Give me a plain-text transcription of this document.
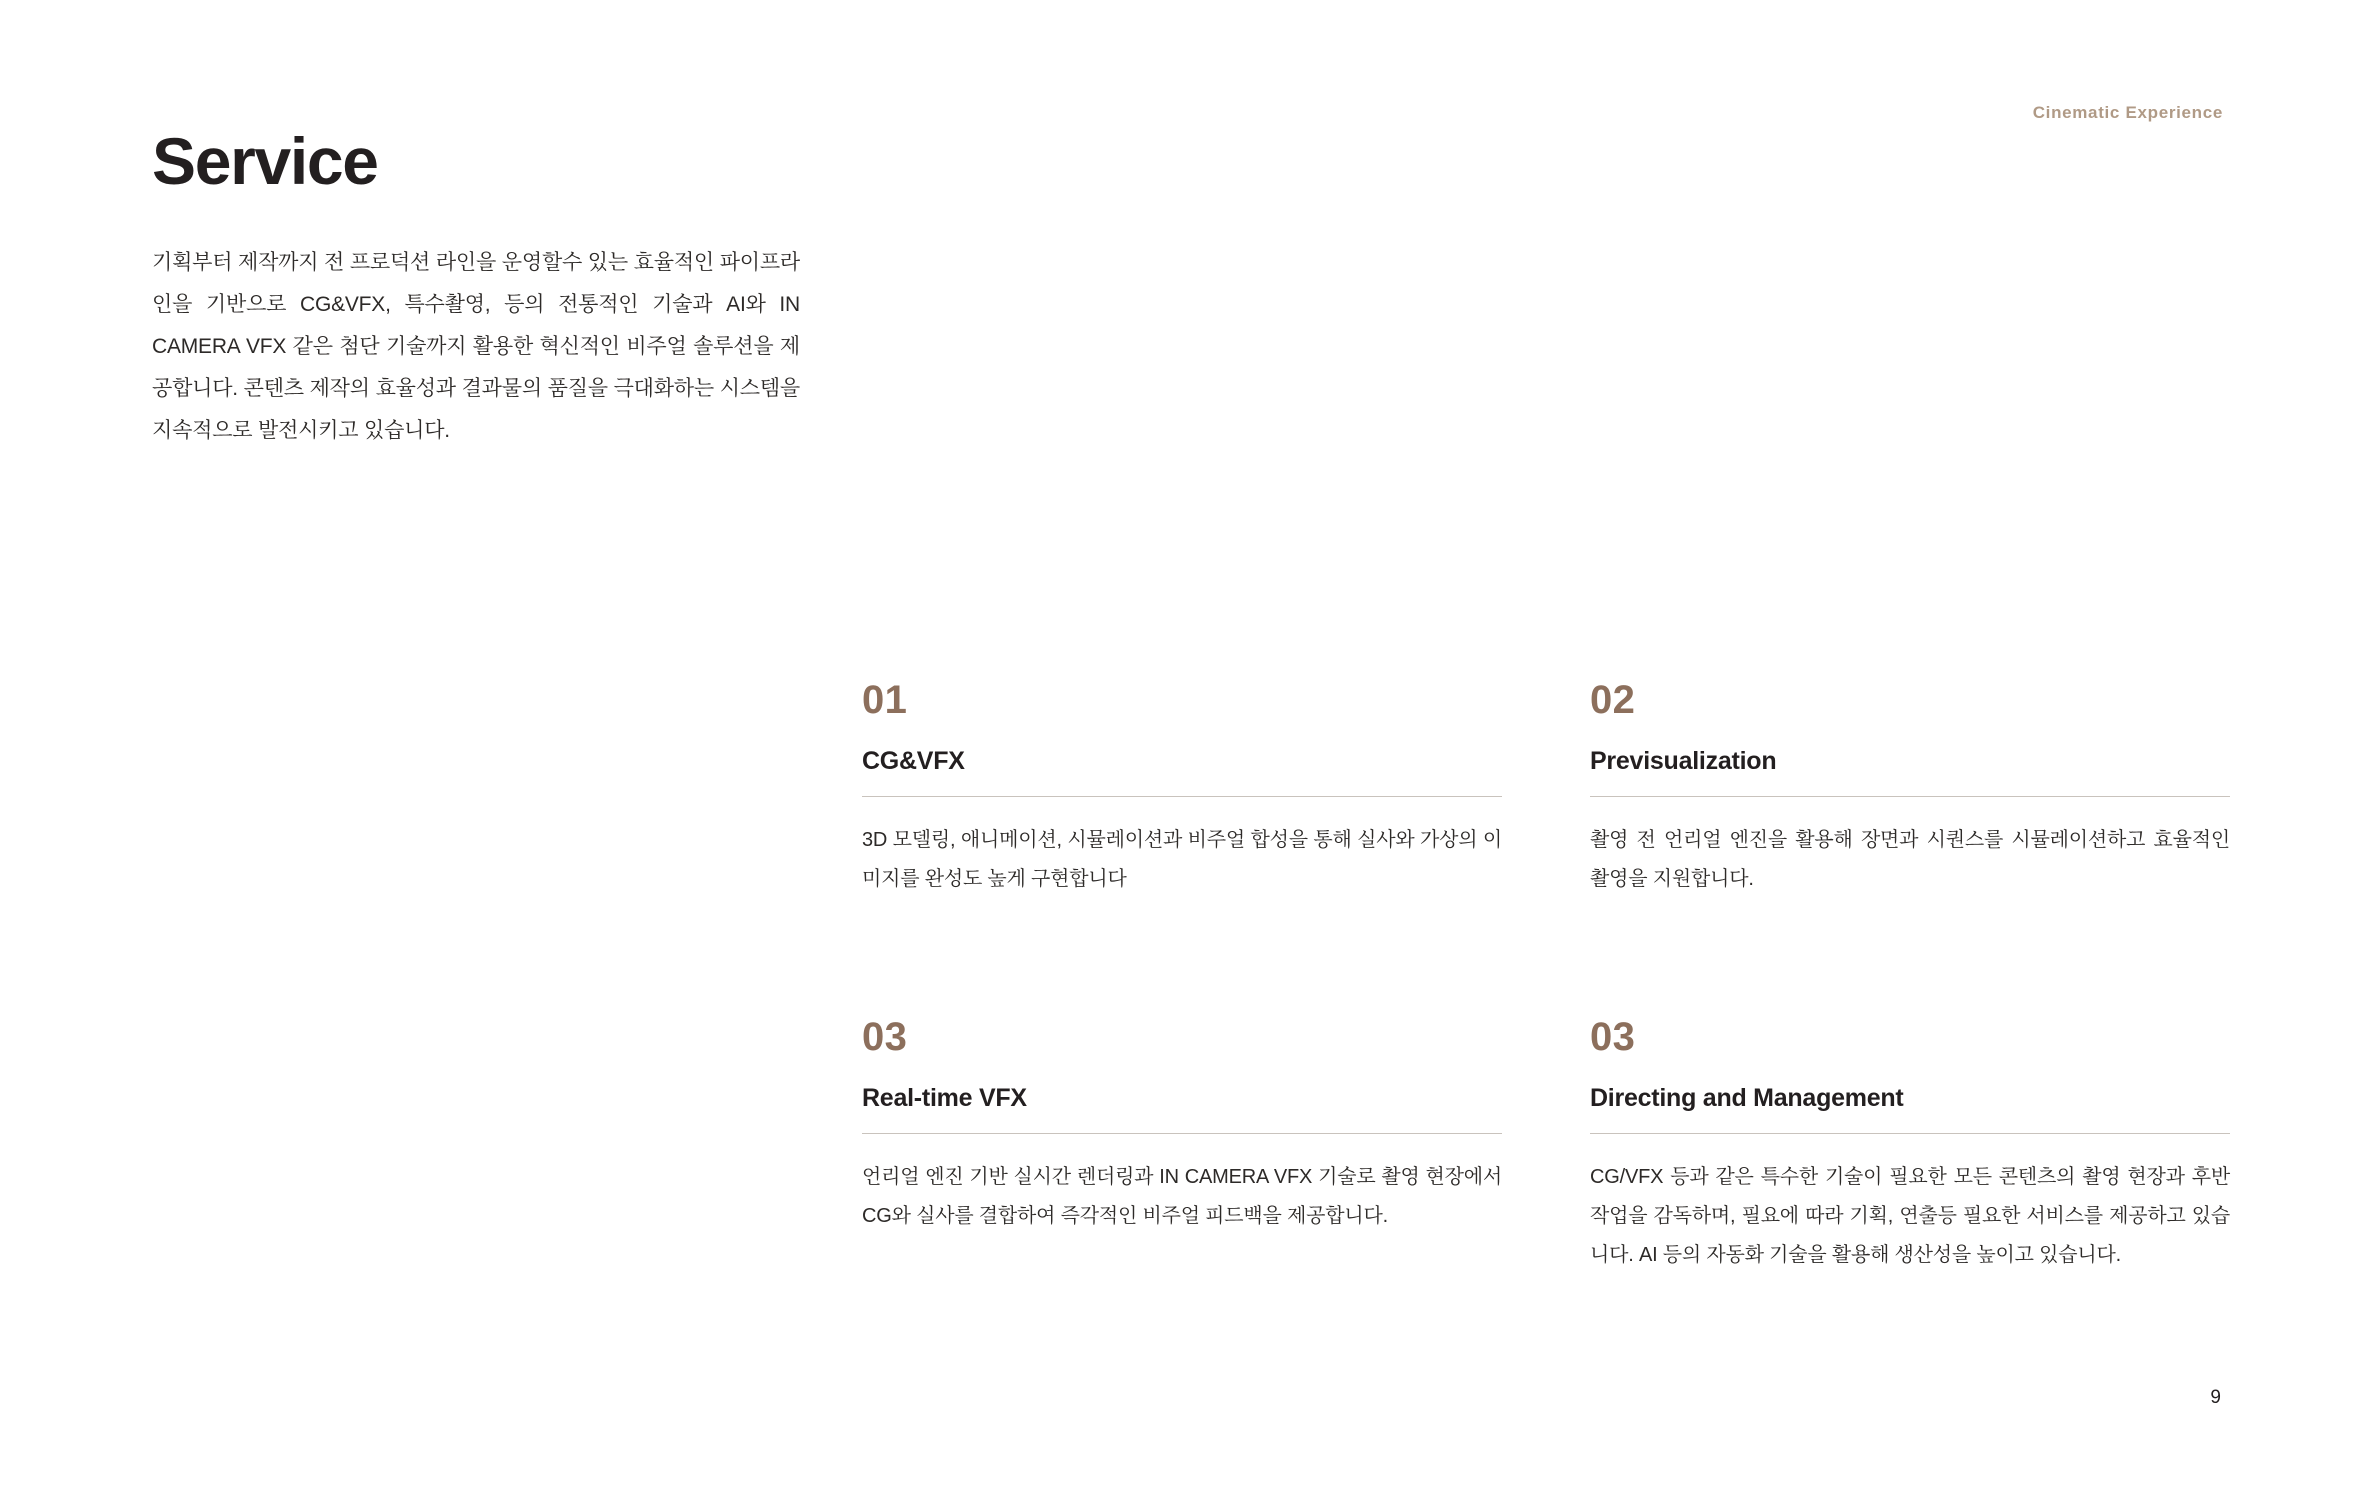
Cinematic Experience
Service

기획부터 제작까지 전 프로덕션 라인을 운영할수 있는 효율적인 파이프라인을 기반으로 CG&VFX, 특수촬영, 등의 전통적인 기술과 AI와 IN CAMERA VFX 같은 첨단 기술까지 활용한 혁신적인 비주얼 솔루션을 제공합니다. 콘텐츠 제작의 효율성과 결과물의 품질을 극대화하는 시스템을 지속적으로 발전시키고 있습니다.

01
CG&VFX

3D 모델링, 애니메이션, 시뮬레이션과 비주얼 합성을 통해 실사와 가상의 이미지를 완성도 높게 구현합니다

02
Previsualization

촬영 전 언리얼 엔진을 활용해 장면과 시퀀스를 시뮬레이션하고 효율적인 촬영을 지원합니다.

03
Real-time VFX

언리얼 엔진 기반 실시간 렌더링과 IN CAMERA VFX 기술로 촬영 현장에서 CG와 실사를 결합하여 즉각적인 비주얼 피드백을 제공합니다.

03
Directing and Management

CG/VFX 등과 같은 특수한 기술이 필요한 모든 콘텐츠의 촬영 현장과 후반 작업을 감독하며, 필요에 따라 기획, 연출등 필요한 서비스를 제공하고 있습니다. AI 등의 자동화 기술을 활용해 생산성을 높이고 있습니다.

9
